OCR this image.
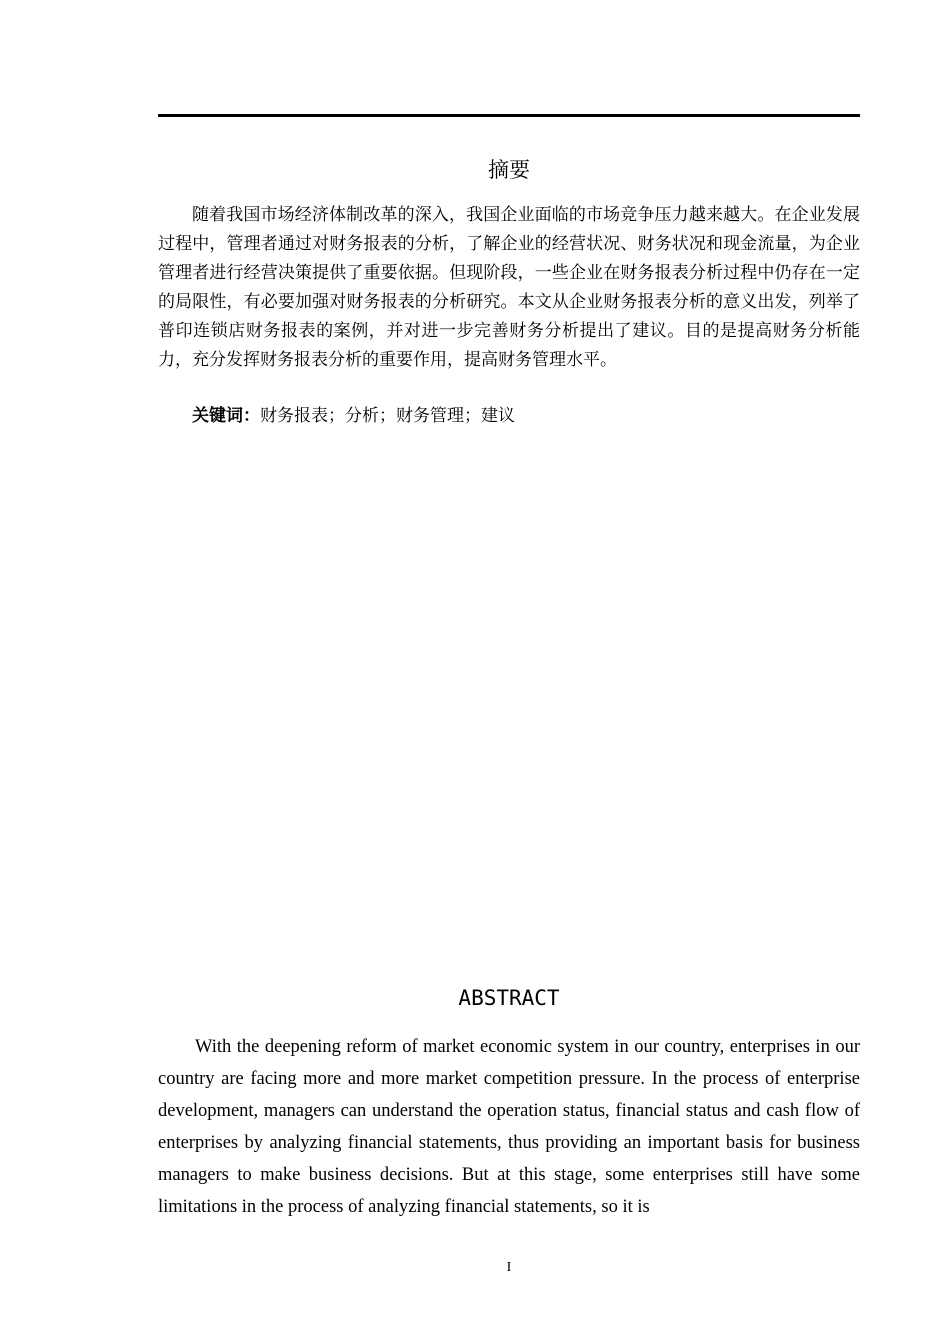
摘要

随着我国市场经济体制改革的深入，我国企业面临的市场竞争压力越来越大。在企业发展过程中，管理者通过对财务报表的分析，了解企业的经营状况、财务状况和现金流量，为企业管理者进行经营决策提供了重要依据。但现阶段，一些企业在财务报表分析过程中仍存在一定的局限性，有必要加强对财务报表的分析研究。本文从企业财务报表分析的意义出发，列举了普印连锁店财务报表的案例，并对进一步完善财务分析提出了建议。目的是提高财务分析能力，充分发挥财务报表分析的重要作用，提高财务管理水平。

关键词：财务报表；分析；财务管理；建议

ABSTRACT

With the deepening reform of market economic system in our country, enterprises in our country are facing more and more market competition pressure. In the process of enterprise development, managers can understand the operation status, financial status and cash flow of enterprises by analyzing financial statements, thus providing an important basis for business managers to make business decisions. But at this stage, some enterprises still have some limitations in the process of analyzing financial statements, so it is

I
